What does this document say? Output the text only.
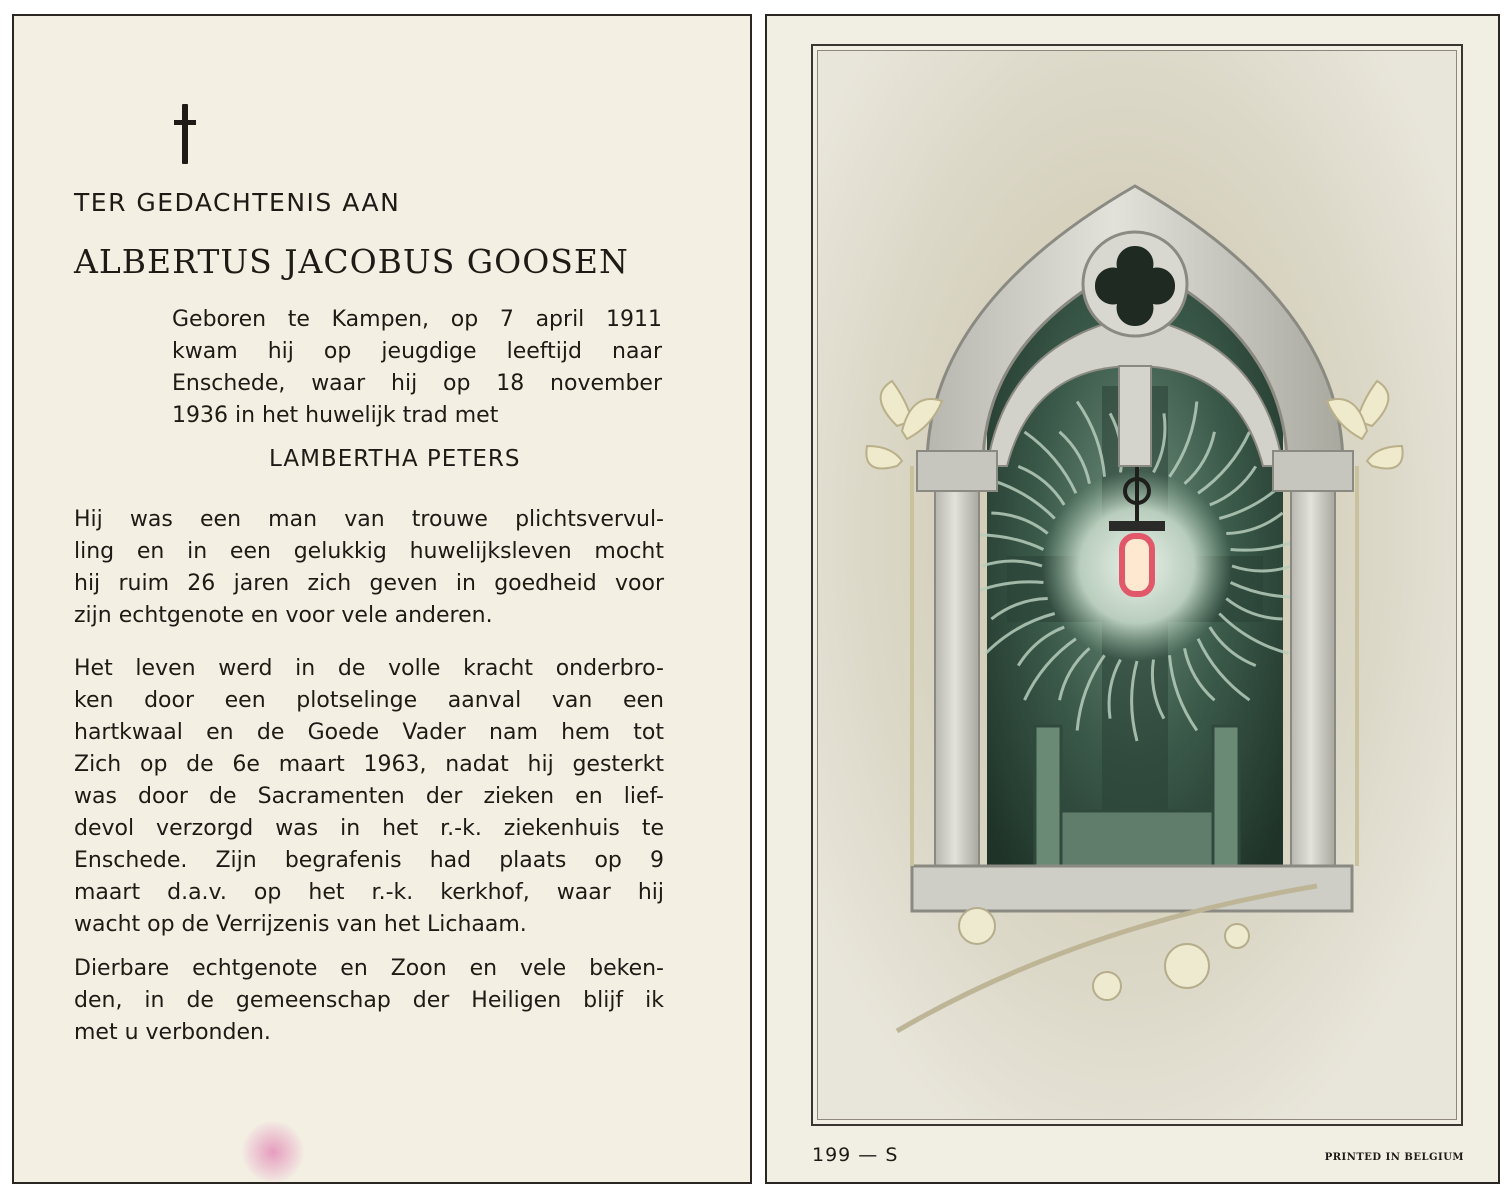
TER GEDACHTENIS AAN
ALBERTUS JACOBUS GOOSEN
Geboren te Kampen, op 7 april 1911
kwam hij op jeugdige leeftijd naar
Enschede, waar hij op 18 november
1936 in het huwelijk trad met
LAMBERTHA PETERS
Hij was een man van trouwe plichtsvervul-
ling en in een gelukkig huwelijksleven mocht
hij ruim 26 jaren zich geven in goedheid voor
zijn echtgenote en voor vele anderen.
Het leven werd in de volle kracht onderbro-
ken door een plotselinge aanval van een
hartkwaal en de Goede Vader nam hem tot
Zich op de 6e maart 1963, nadat hij gesterkt
was door de Sacramenten der zieken en lief-
devol verzorgd was in het r.-k. ziekenhuis te
Enschede. Zijn begrafenis had plaats op 9
maart d.a.v. op het r.-k. kerkhof, waar hij
wacht op de Verrijzenis van het Lichaam.
Dierbare echtgenote en Zoon en vele beken-
den, in de gemeenschap der Heiligen blijf ik
met u verbonden.
199 — S	PRINTED IN BELGIUM
